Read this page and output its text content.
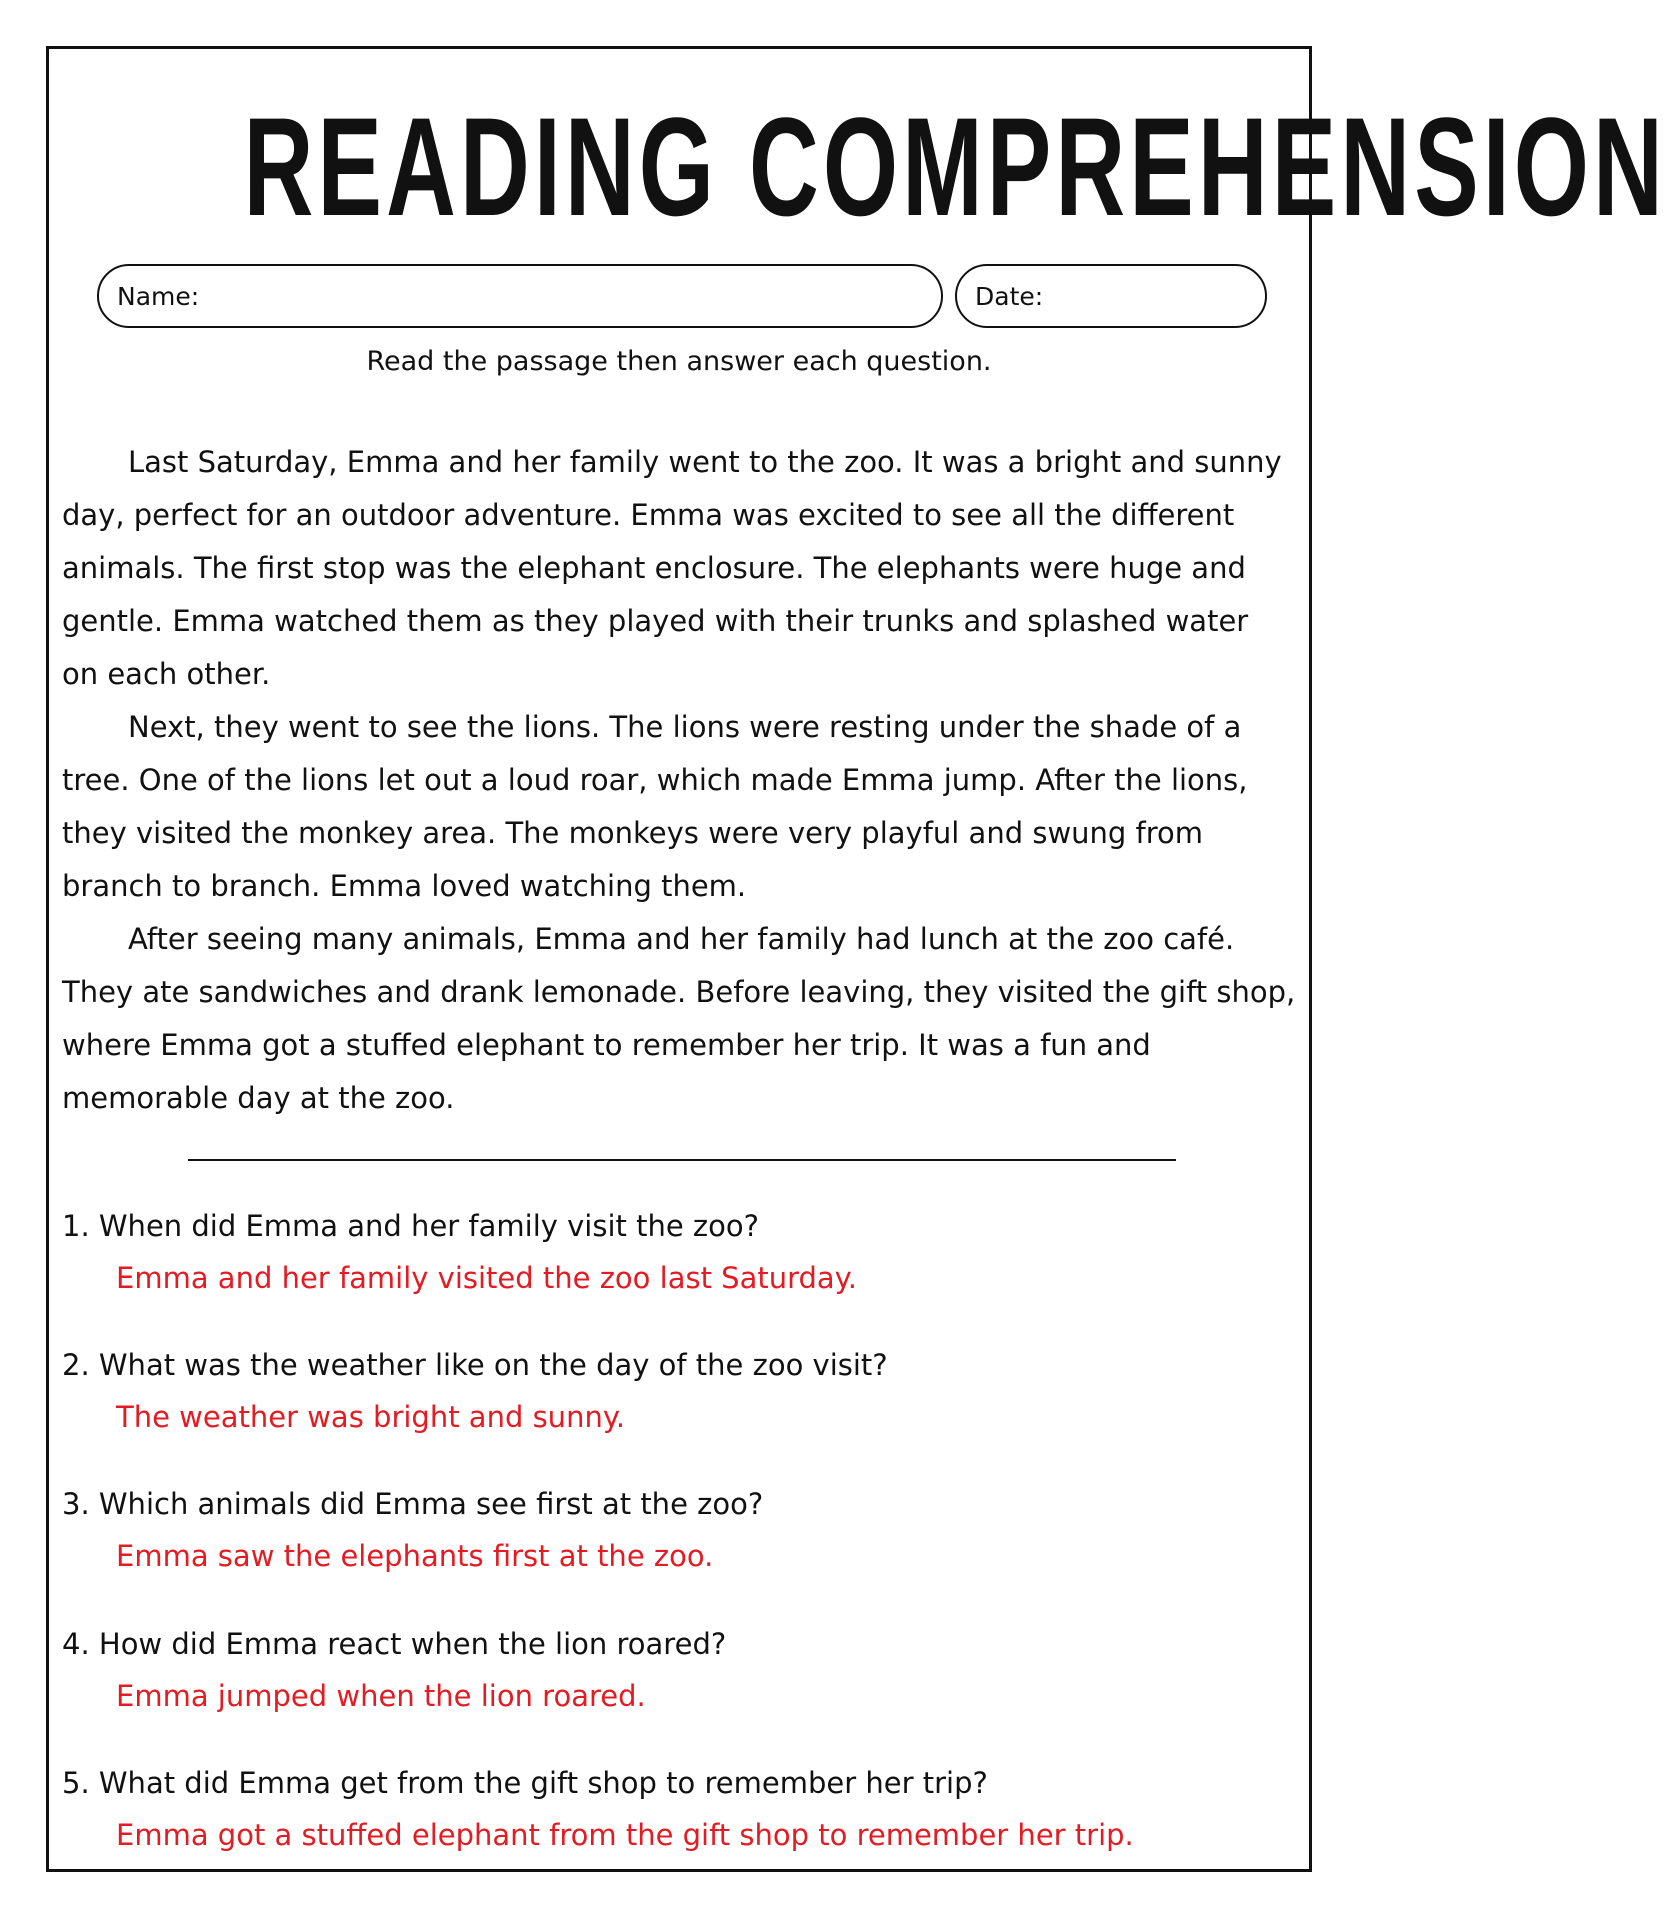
READING COMPREHENSION
Name:	Date:
Read the passage then answer each question.
Last Saturday, Emma and her family went to the zoo. It was a bright and sunny
day, perfect for an outdoor adventure. Emma was excited to see all the different
animals. The first stop was the elephant enclosure. The elephants were huge and
gentle. Emma watched them as they played with their trunks and splashed water
on each other.
Next, they went to see the lions. The lions were resting under the shade of a
tree. One of the lions let out a loud roar, which made Emma jump. After the lions,
they visited the monkey area. The monkeys were very playful and swung from
branch to branch. Emma loved watching them.
After seeing many animals, Emma and her family had lunch at the zoo café.
They ate sandwiches and drank lemonade. Before leaving, they visited the gift shop,
where Emma got a stuffed elephant to remember her trip. It was a fun and
memorable day at the zoo.
1. When did Emma and her family visit the zoo?
Emma and her family visited the zoo last Saturday.
2. What was the weather like on the day of the zoo visit?
The weather was bright and sunny.
3. Which animals did Emma see first at the zoo?
Emma saw the elephants first at the zoo.
4. How did Emma react when the lion roared?
Emma jumped when the lion roared.
5. What did Emma get from the gift shop to remember her trip?
Emma got a stuffed elephant from the gift shop to remember her trip.
